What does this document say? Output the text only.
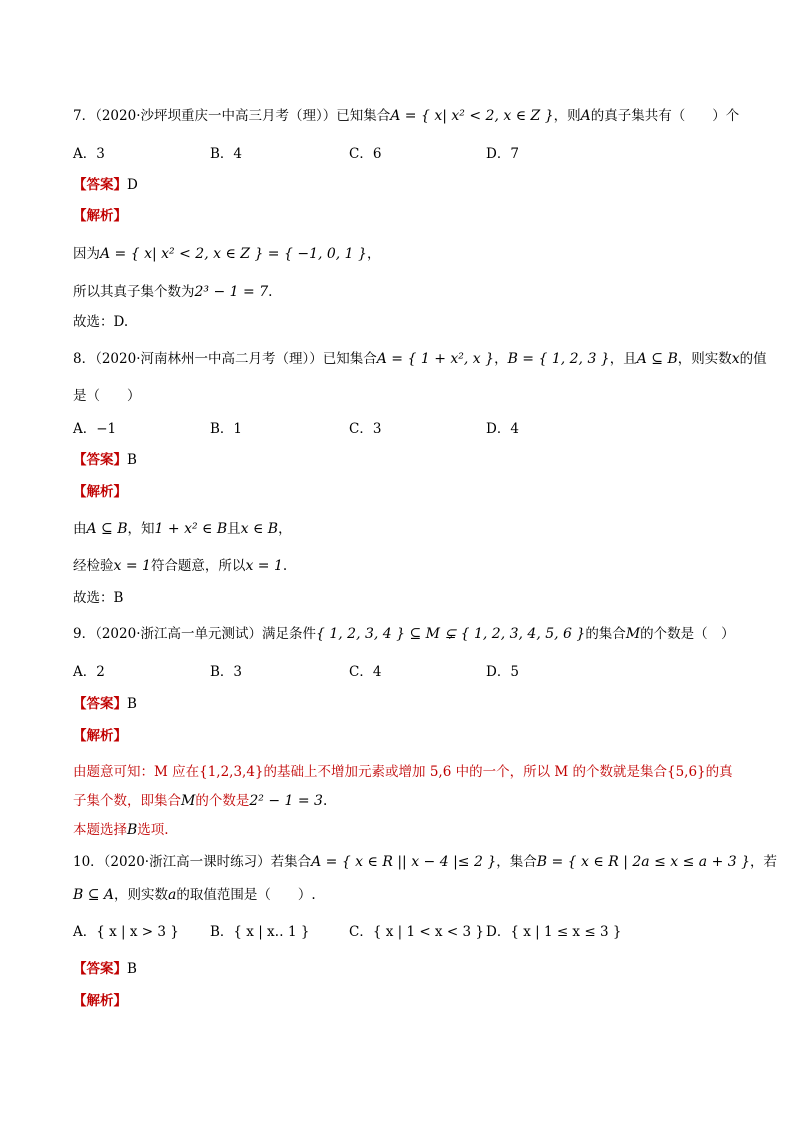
7．（2020·沙坪坝重庆一中高三月考（理））已知集合A = { x| x² < 2, x ∈ Z }，则A的真子集共有（　　）个
A．3	B．4	C．6	D．7
【答案】D
【解析】
因为A = { x| x² < 2, x ∈ Z } = { −1, 0, 1 }，
所以其真子集个数为2³ − 1 = 7.
故选：D.
8．（2020·河南林州一中高二月考（理））已知集合A = { 1 + x², x }，B = { 1, 2, 3 }，且A ⊆ B，则实数x的值
是（　　）
A．−1	B．1	C．3	D．4
【答案】B
【解析】
由A ⊆ B，知1 + x² ∈ B且x ∈ B，
经检验x = 1符合题意，所以x = 1.
故选：B
9．（2020·浙江高一单元测试）满足条件{ 1, 2, 3, 4 } ⊆ M ⊊ { 1, 2, 3, 4, 5, 6 }的集合M的个数是（　）
A．2	B．3	C．4	D．5
【答案】B
【解析】
由题意可知：M 应在{1,2,3,4}的基础上不增加元素或增加 5,6 中的一个，所以 M 的个数就是集合{5,6}的真
子集个数，即集合M的个数是2² − 1 = 3.
本题选择B选项.
10．（2020·浙江高一课时练习）若集合A = { x ∈ R || x − 4 |≤ 2 }，集合B = { x ∈ R | 2a ≤ x ≤ a + 3 }，若
B ⊆ A，则实数a的取值范围是（　　）.
A．{ x | x > 3 } B．{ x | x‥ 1 }	C．{ x | 1 < x < 3 } D．{ x | 1 ≤ x ≤ 3 }
【答案】B
【解析】
